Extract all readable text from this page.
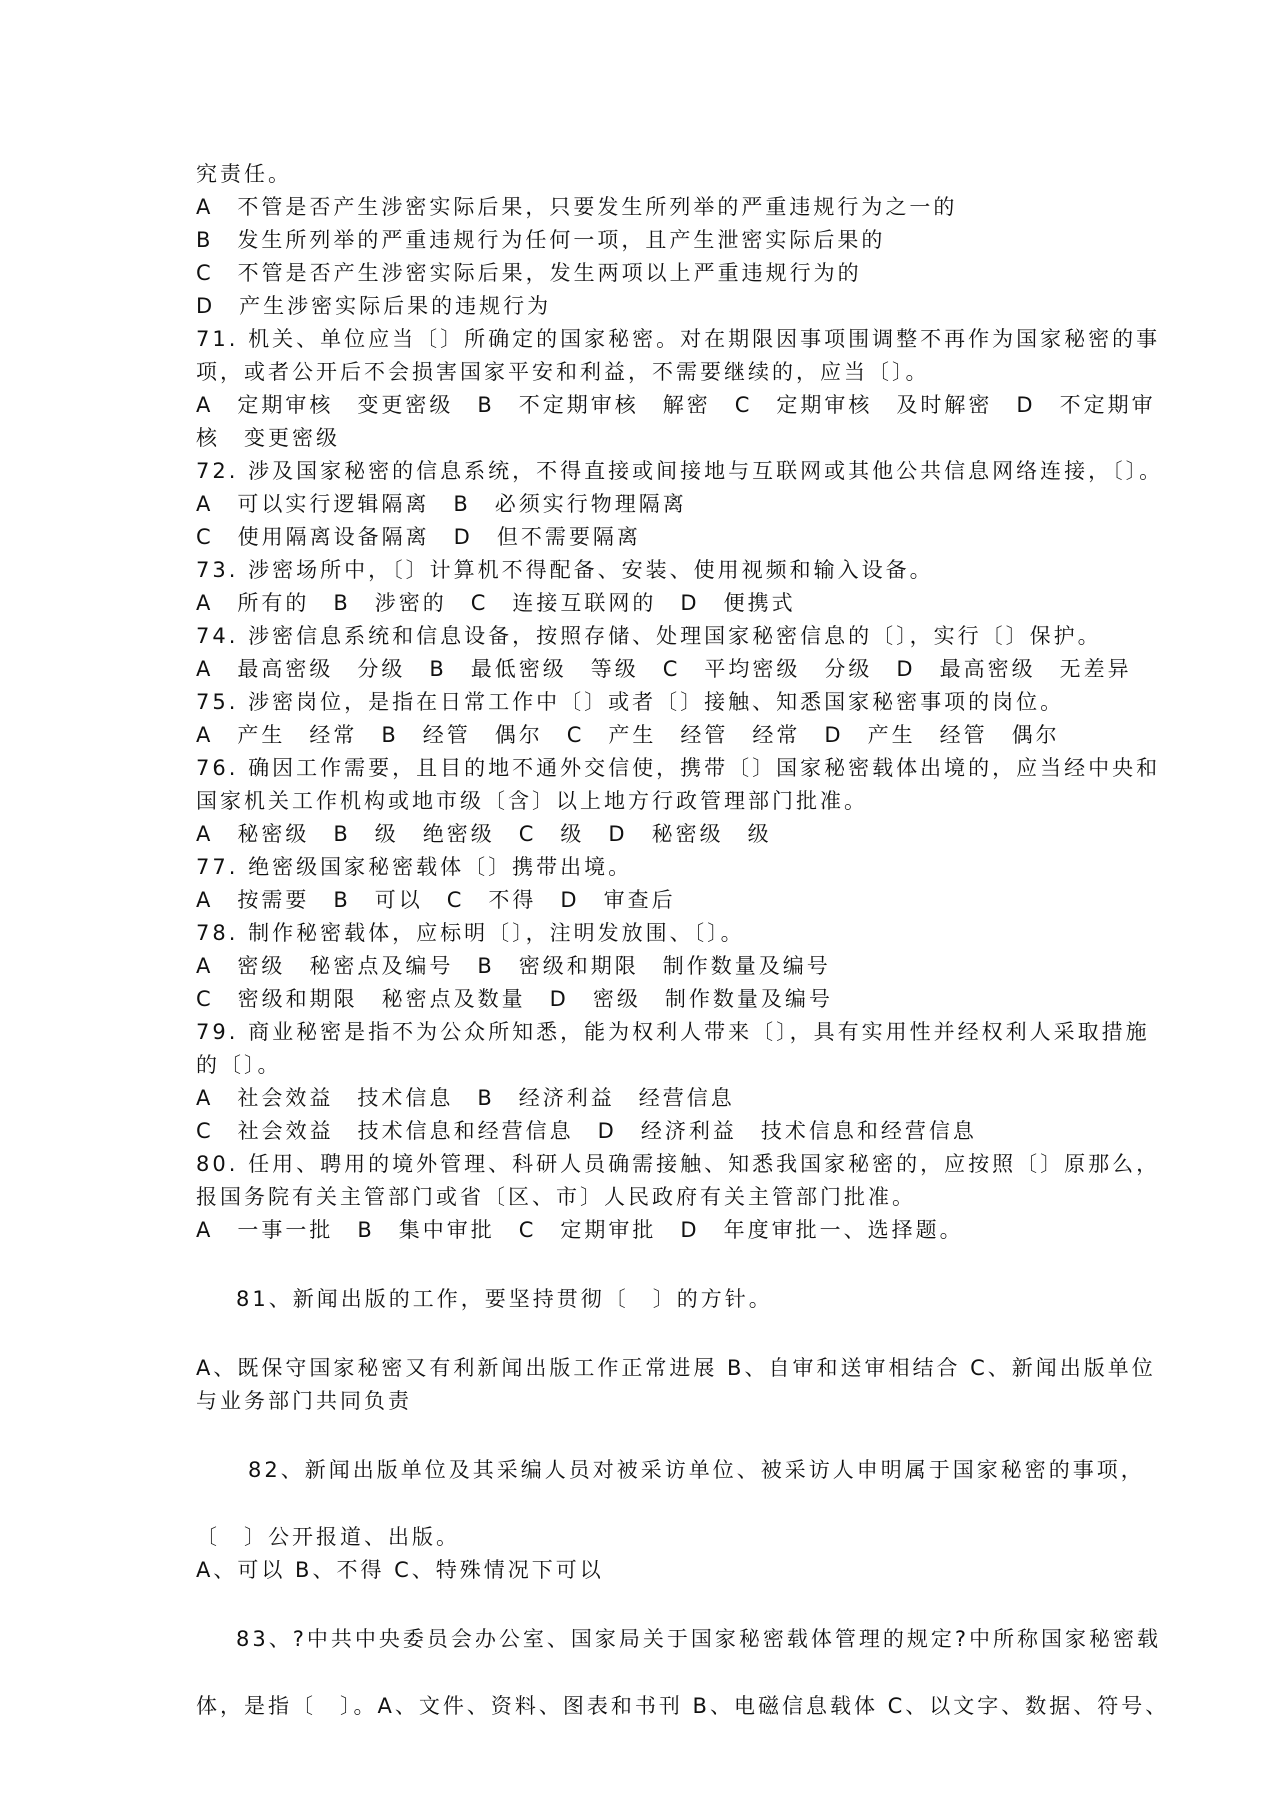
究责任。
A　不管是否产生涉密实际后果，只要发生所列举的严重违规行为之一的
B　发生所列举的严重违规行为任何一项，且产生泄密实际后果的
C　不管是否产生涉密实际后果，发生两项以上严重违规行为的
D　产生涉密实际后果的违规行为
71. 机关、单位应当〔〕所确定的国家秘密。对在期限因事项围调整不再作为国家秘密的事
项，或者公开后不会损害国家平安和利益，不需要继续的，应当〔〕。
A　定期审核　变更密级　B　不定期审核　解密　C　定期审核　及时解密　D　不定期审
核　变更密级
72. 涉及国家秘密的信息系统，不得直接或间接地与互联网或其他公共信息网络连接，〔〕。
A　可以实行逻辑隔离　B　必须实行物理隔离
C　使用隔离设备隔离　D　但不需要隔离
73. 涉密场所中，〔〕计算机不得配备、安装、使用视频和输入设备。
A　所有的　B　涉密的　C　连接互联网的　D　便携式
74. 涉密信息系统和信息设备，按照存储、处理国家秘密信息的〔〕，实行〔〕保护。
A　最高密级　分级　B　最低密级　等级　C　平均密级　分级　D　最高密级　无差异
75. 涉密岗位，是指在日常工作中〔〕或者〔〕接触、知悉国家秘密事项的岗位。
A　产生　经常　B　经管　偶尔　C　产生　经管　经常　D　产生　经管　偶尔
76. 确因工作需要，且目的地不通外交信使，携带〔〕国家秘密载体出境的，应当经中央和
国家机关工作机构或地市级〔含〕以上地方行政管理部门批准。
A　秘密级　B　级　绝密级　C　级　D　秘密级　级
77. 绝密级国家秘密载体〔〕携带出境。
A　按需要　B　可以　C　不得　D　审查后
78. 制作秘密载体，应标明〔〕，注明发放围、〔〕。
A　密级　秘密点及编号　B　密级和期限　制作数量及编号
C　密级和期限　秘密点及数量　D　密级　制作数量及编号
79. 商业秘密是指不为公众所知悉，能为权利人带来〔〕，具有实用性并经权利人采取措施
的〔〕。
A　社会效益　技术信息　B　经济利益　经营信息
C　社会效益　技术信息和经营信息　D　经济利益　技术信息和经营信息
80. 任用、聘用的境外管理、科研人员确需接触、知悉我国家秘密的，应按照〔〕原那么，
报国务院有关主管部门或省〔区、市〕人民政府有关主管部门批准。
A　一事一批　B　集中审批　C　定期审批　D　年度审批一、选择题。
81、新闻出版的工作，要坚持贯彻〔　〕的方针。
A、既保守国家秘密又有利新闻出版工作正常进展 B、自审和送审相结合 C、新闻出版单位
与业务部门共同负责
82、新闻出版单位及其采编人员对被采访单位、被采访人申明属于国家秘密的事项，
〔　〕公开报道、出版。
A、可以 B、不得 C、特殊情况下可以
83、?中共中央委员会办公室、国家局关于国家秘密载体管理的规定?中所称国家秘密载
体，是指〔　〕。A、文件、资料、图表和书刊 B、电磁信息载体 C、以文字、数据、符号、
